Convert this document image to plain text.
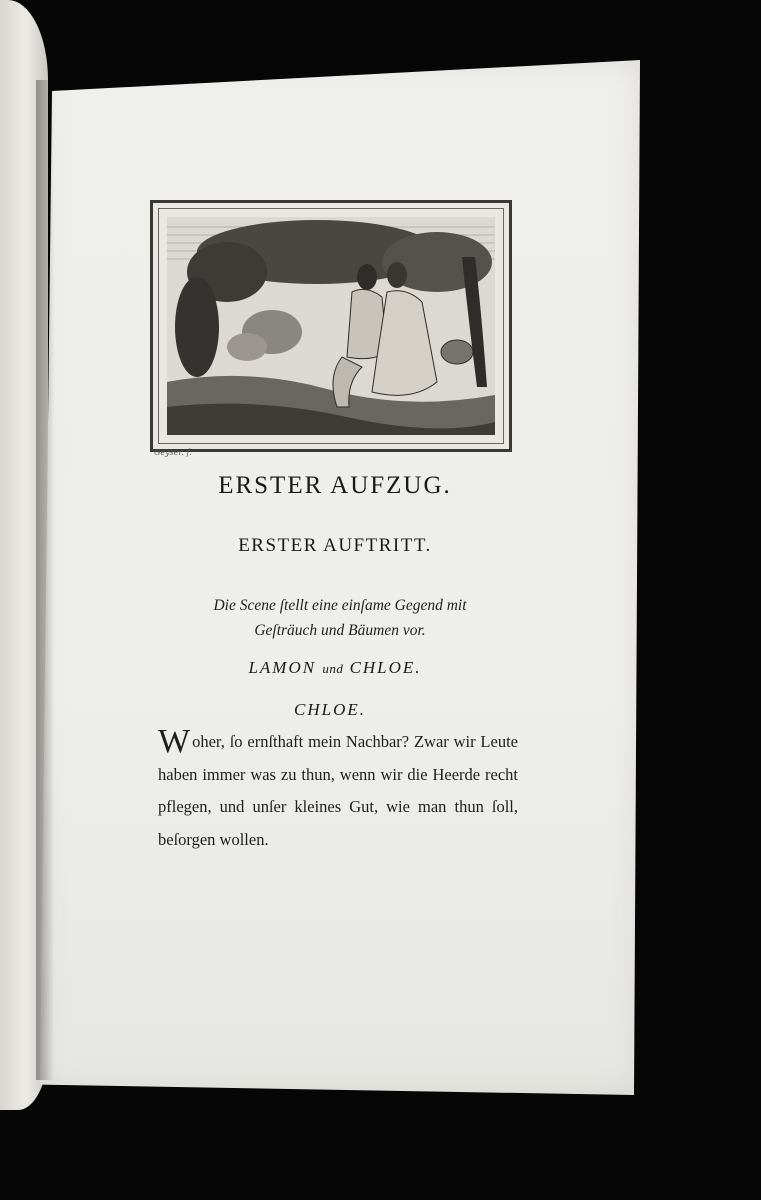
Geyser. f.
ERSTER AUFZUG.
ERSTER AUFTRITT.
Die Scene ſtellt eine einſame Gegend mit
Geſträuch und Bäumen vor.
LAMON und CHLOE.
CHLOE.
Woher, ſo ernſthaft mein Nachbar? Zwar wir Leute haben immer was zu thun, wenn wir die Heerde recht pflegen, und unſer kleines Gut, wie man thun ſoll, beſorgen wollen.
